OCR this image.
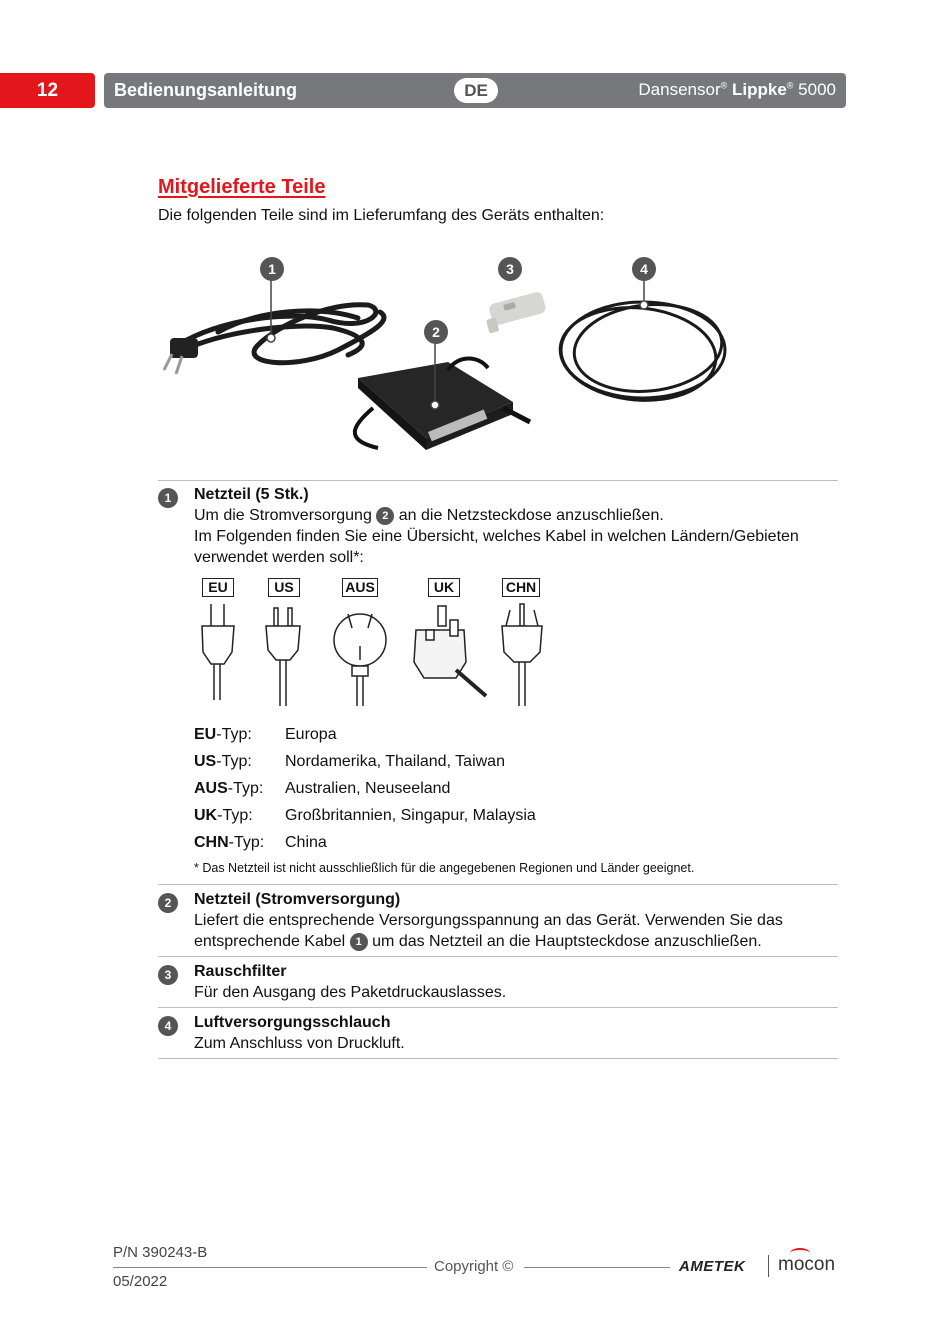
12	Bedienungsanleitung	DE	Dansensor® Lippke® 5000
Mitgelieferte Teile
Die folgenden Teile sind im Lieferumfang des Geräts enthalten:
1
2
3	4
1	Netzteil (5 Stk.)
Um die Stromversorgung 2 an die Netzsteckdose anzuschließen.
Im Folgenden finden Sie eine Übersicht, welches Kabel in welchen Ländern/Gebieten
verwendet werden soll*:
EU	US	AUS	UK	CHN
EU-Typ: Europa
US-Typ: Nordamerika, Thailand, Taiwan
AUS-Typ: Australien, Neuseeland
UK-Typ: Großbritannien, Singapur, Malaysia
CHN-Typ: China
* Das Netzteil ist nicht ausschließlich für die angegebenen Regionen und Länder geeignet.
2	Netzteil (Stromversorgung)
Liefert die entsprechende Versorgungsspannung an das Gerät. Verwenden Sie das
entsprechende Kabel 1 um das Netzteil an die Hauptsteckdose anzuschließen.
3	Rauschfilter
Für den Ausgang des Paketdruckauslasses.
4	Luftversorgungsschlauch
Zum Anschluss von Druckluft.
P/N 390243-B
05/2022
Copyright ©	AMETEK mocon
